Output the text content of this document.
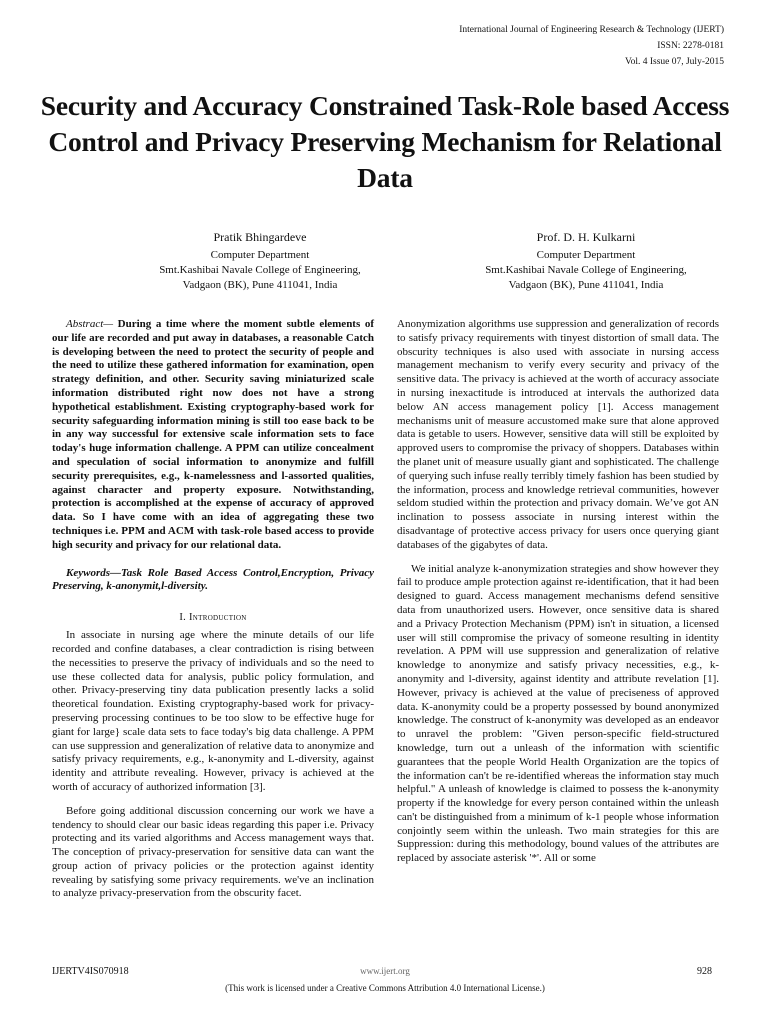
International Journal of Engineering Research & Technology (IJERT)
ISSN: 2278-0181
Vol. 4 Issue 07, July-2015
Security and Accuracy Constrained Task-Role based Access Control and Privacy Preserving Mechanism for Relational Data
Pratik Bhingardeve
Computer Department
Smt.Kashibai Navale College of Engineering,
Vadgaon (BK), Pune 411041, India
Prof. D. H. Kulkarni
Computer Department
Smt.Kashibai Navale College of Engineering,
Vadgaon (BK), Pune 411041, India

Abstract— During a time where the moment subtle elements of our life are recorded and put away in databases, a reasonable Catch is developing between the need to protect the security of people and the need to utilize these gathered information for examination, open strategy definition, and other. Security saving miniaturized scale information distributed right now does not have a strong hypothetical establishment. Existing cryptography-based work for security safeguarding information mining is still too ease back to be in any way successful for extensive scale information sets to face today's huge information challenge. A PPM can utilize concealment and speculation of social information to anonymize and fulfill security prerequisites, e.g., k-namelessness and l-assorted qualities, against character and property exposure. Notwithstanding, protection is accomplished at the expense of accuracy of approved data. So I have come with an idea of aggregating these two techniques i.e. PPM and ACM with task-role based access to provide high security and privacy for our relational data.

Keywords—Task Role Based Access Control,Encryption, Privacy Preserving, k-anonymit,l-diversity.

I. Introduction

In associate in nursing age where the minute details of our life recorded and confine databases, a clear contradiction is rising between the necessities to preserve the privacy of individuals and so the need to use these collected data for analysis, public policy formulation, and other. Privacy-preserving tiny data publication presently lacks a solid theoretical foundation. Existing cryptography-based work for privacy-preserving processing continues to be too slow to be effective huge for giant for large} scale data sets to face today's big data challenge. A PPM can use suppression and generalization of relative data to anonymize and satisfy privacy requirements, e.g., k-anonymity and L-diversity, against identity and attribute revealing. However, privacy is achieved at the worth of accuracy of authorized information [3].

Before going additional discussion concerning our work we have a tendency to should clear our basic ideas regarding this paper i.e. Privacy protecting and its varied algorithms and Access management ways that. The conception of privacy-preservation for sensitive data can want the group action of privacy policies or the protection against identity revealing by satisfying some privacy requirements. we've an inclination to analyze privacy-preservation from the obscurity facet.

Anonymization algorithms use suppression and generalization of records to satisfy privacy requirements with tinyest distortion of small data. The obscurity techniques is also used with associate in nursing access management mechanism to verify every security and privacy of the sensitive data. The privacy is achieved at the worth of accuracy associate in nursing inexactitude is introduced at intervals the authorized data below AN access management policy [1]. Access management mechanisms unit of measure accustomed make sure that alone approved data is getable to users. However, sensitive data will still be exploited by approved users to compromise the privacy of shoppers. Databases within the planet unit of measure usually giant and sophisticated. The challenge of querying such infuse really terribly timely fashion has been studied by the information, process and knowledge retrieval communities, however seldom studied within the protection and privacy domain. We’ve got AN inclination to possess associate in nursing interest within the disadvantage of protective access privacy for users once querying giant databases of the gigabytes of data.

We initial analyze k-anonymization strategies and show however they fail to produce ample protection against re-identification, that it had been designed to guard. Access management mechanisms defend sensitive data from unauthorized users. However, once sensitive data is shared and a Privacy Protection Mechanism (PPM) isn't in situation, a licensed user will still compromise the privacy of someone resulting in identity revelation. A PPM will use suppression and generalization of relative knowledge to anonymize and satisfy privacy necessities, e.g., k-anonymity and l-diversity, against identity and attribute revelation [1]. However, privacy is achieved at the value of preciseness of approved data. K-anonymity could be a property possessed by bound anonymized knowledge. The construct of k-anonymity was developed as an endeavor to unravel the problem: "Given person-specific field-structured knowledge, turn out a unleash of the information with scientific guarantees that the people World Health Organization are the topics of the information can't be re-identified whereas the information stay much helpful." A unleash of knowledge is claimed to possess the k-anonymity property if the knowledge for every person contained within the unleash can't be distinguished from a minimum of k-1 people whose information conjointly seem within the unleash. Two main strategies for this are Suppression: during this methodology, bound values of the attributes are replaced by associate asterisk '*'. All or some

IJERTV4IS070918	www.ijert.org	928
(This work is licensed under a Creative Commons Attribution 4.0 International License.)
